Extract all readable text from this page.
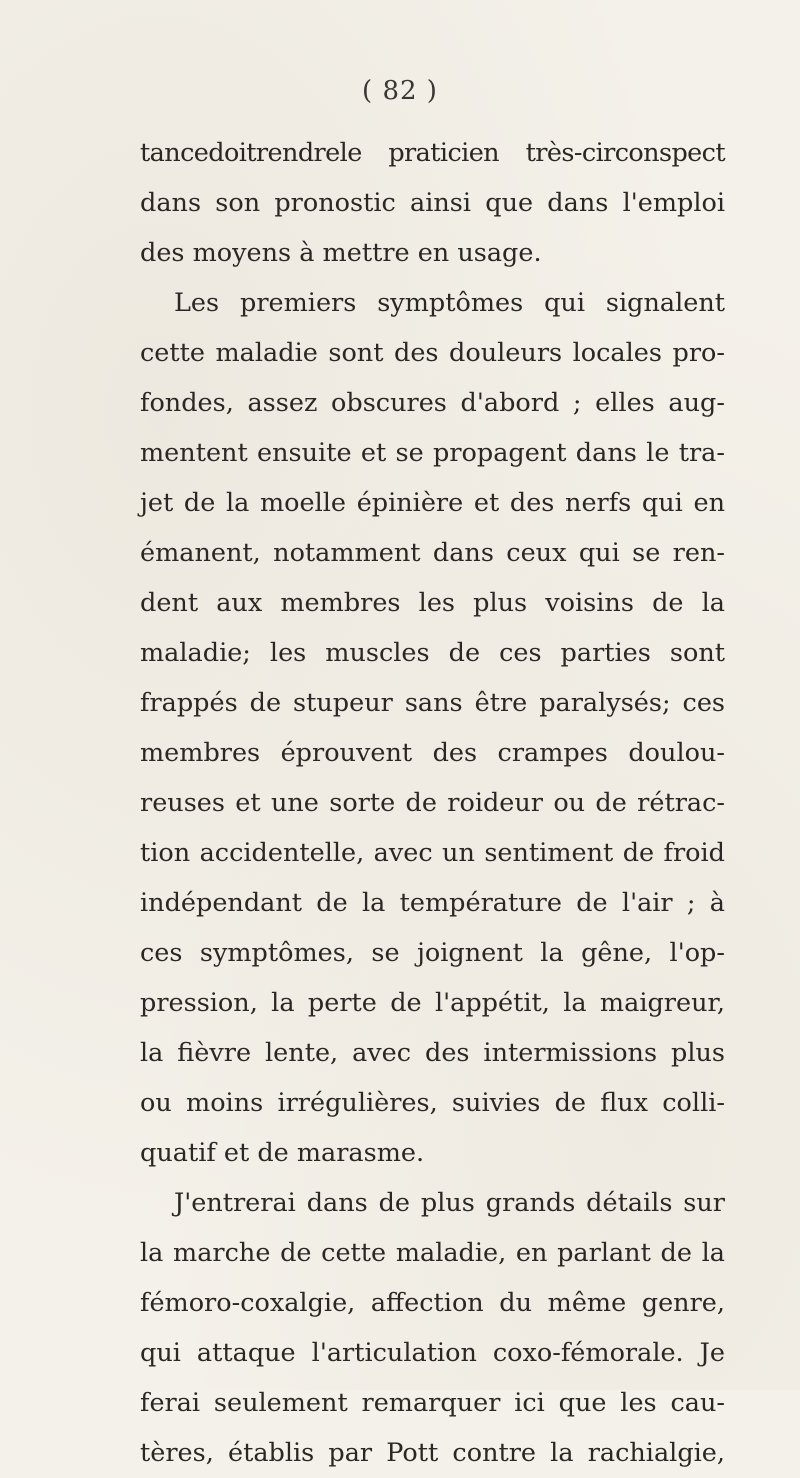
( 82 )
tancedoitrendrele praticien très-circonspect
dans son pronostic ainsi que dans l'emploi
des moyens à mettre en usage.
Les premiers symptômes qui signalent
cette maladie sont des douleurs locales pro-
fondes, assez obscures d'abord ; elles aug-
mentent ensuite et se propagent dans le tra-
jet de la moelle épinière et des nerfs qui en
émanent, notamment dans ceux qui se ren-
dent aux membres les plus voisins de la
maladie; les muscles de ces parties sont
frappés de stupeur sans être paralysés; ces
membres éprouvent des crampes doulou-
reuses et une sorte de roideur ou de rétrac-
tion accidentelle, avec un sentiment de froid
indépendant de la température de l'air ; à
ces symptômes, se joignent la gêne, l'op-
pression, la perte de l'appétit, la maigreur,
la fièvre lente, avec des intermissions plus
ou moins irrégulières, suivies de flux colli-
quatif et de marasme.
J'entrerai dans de plus grands détails sur
la marche de cette maladie, en parlant de la
fémoro-coxalgie, affection du même genre,
qui attaque l'articulation coxo-fémorale. Je
ferai seulement remarquer ici que les cau-
tères, établis par Pott contre la rachialgie,
